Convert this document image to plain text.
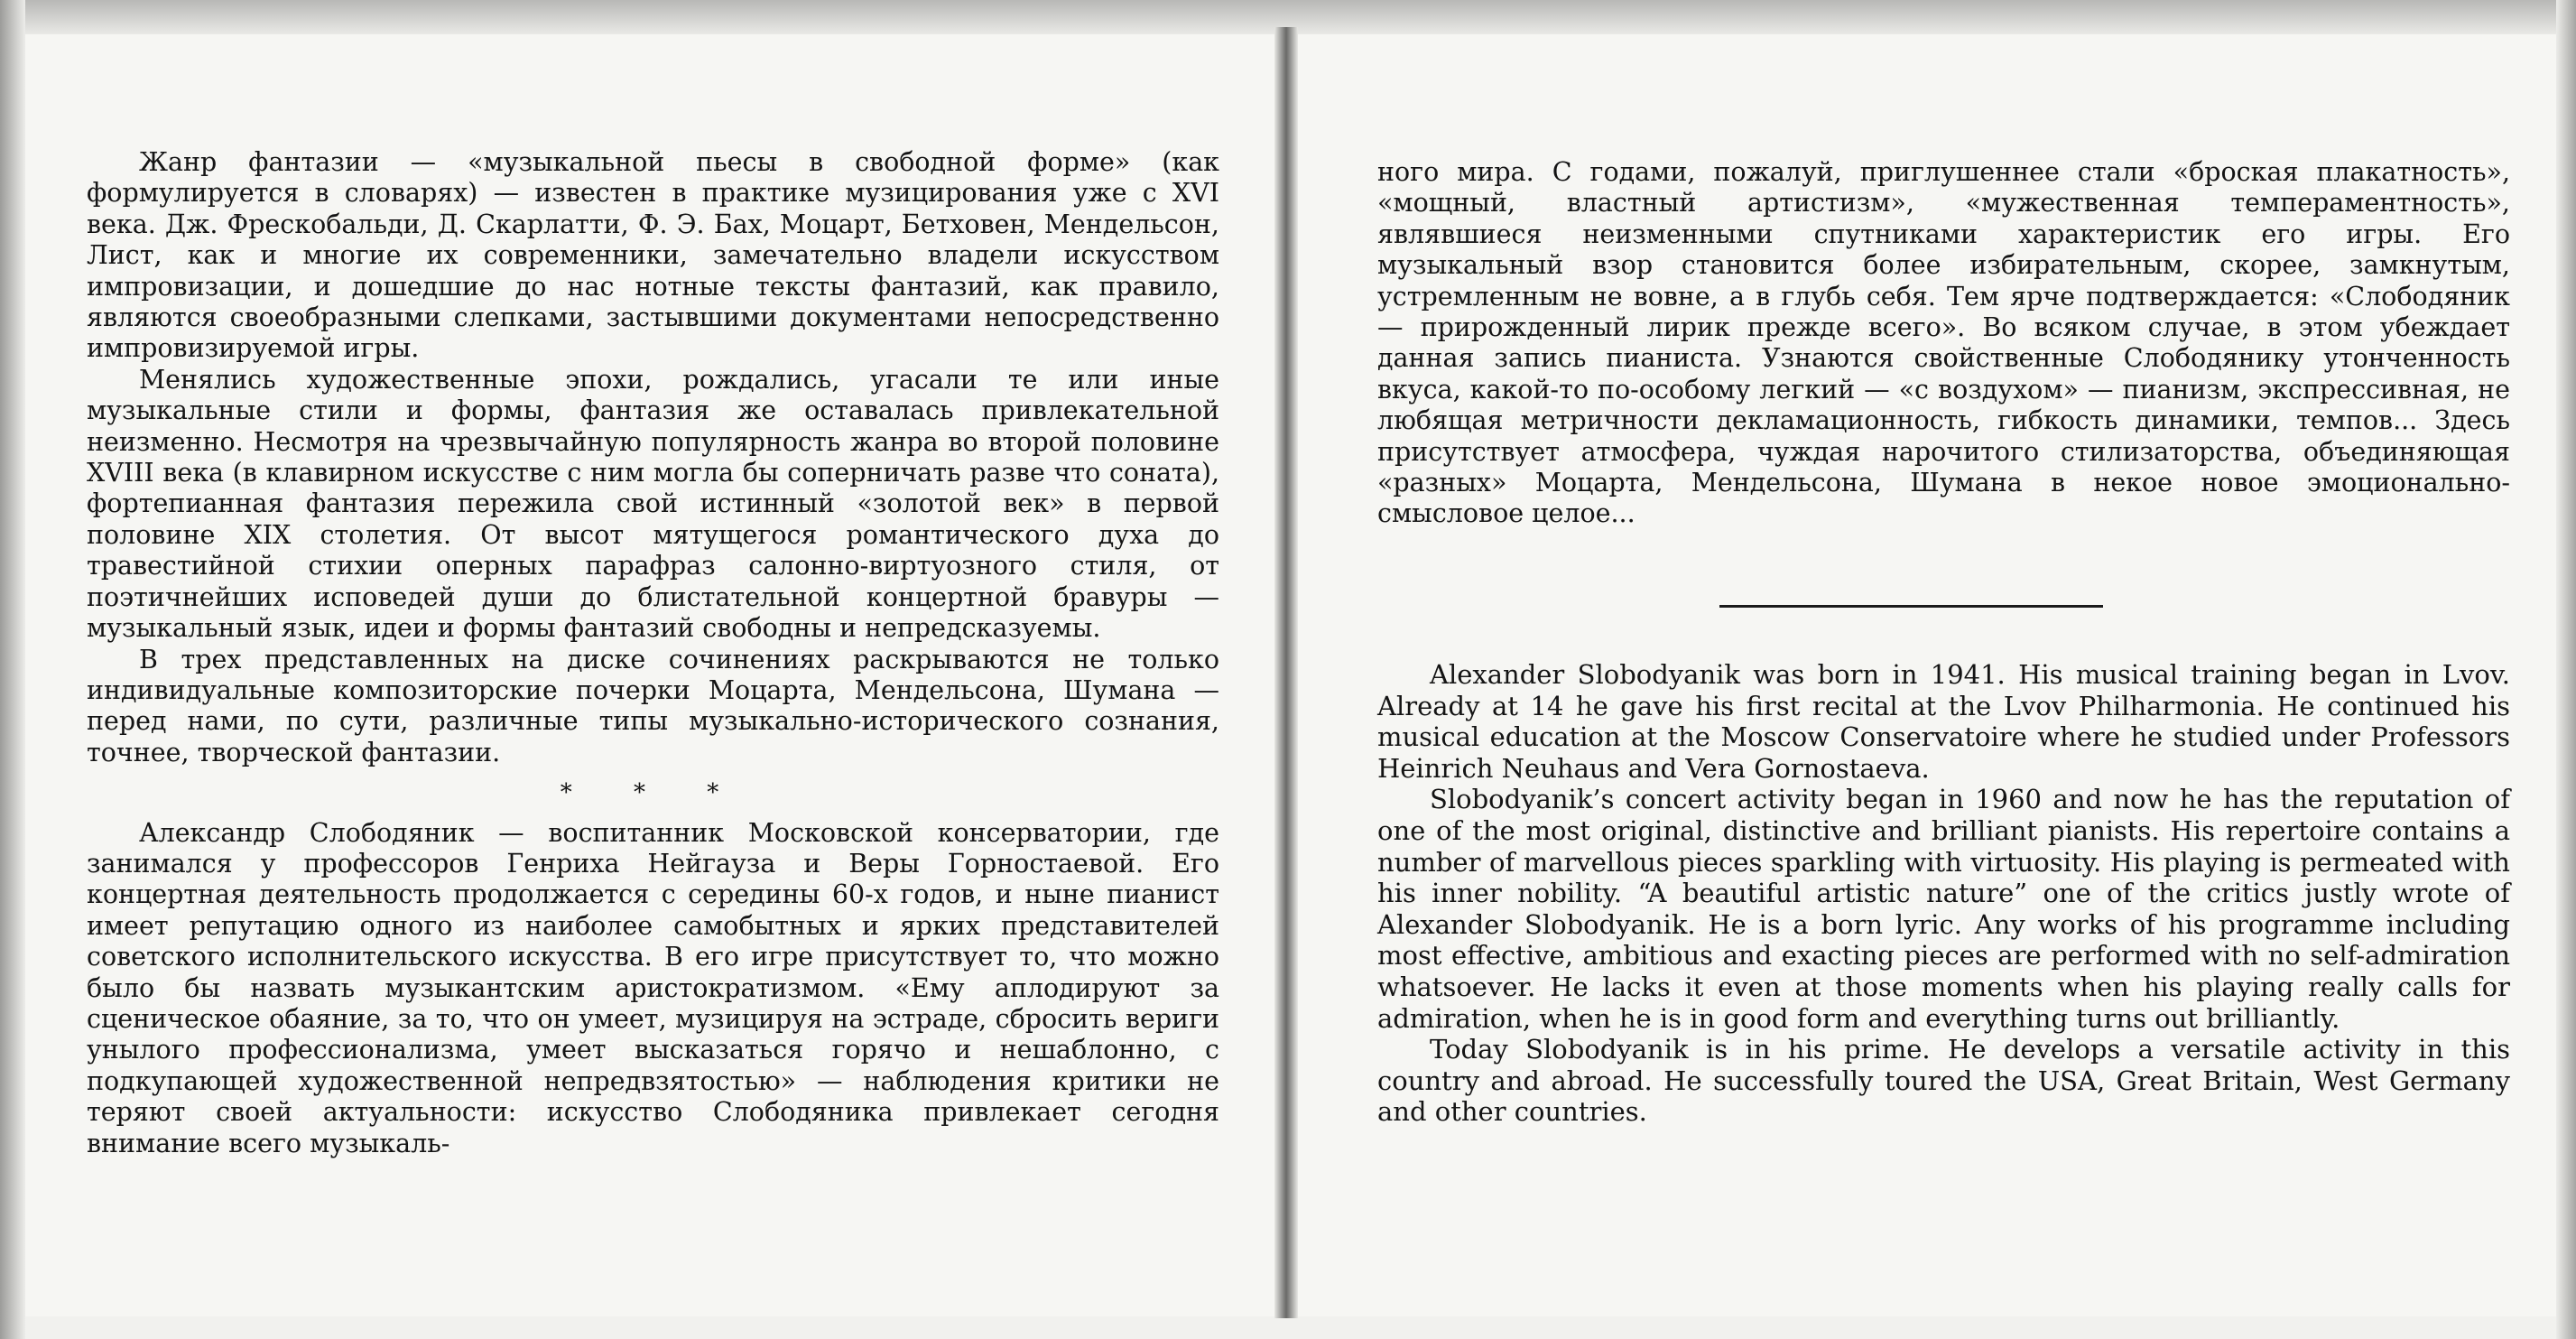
Жанр фантазии — «музыкальной пьесы в свободной форме» (как формулируется в словарях) — известен в практике музицирования уже с XVI века. Дж. Фрескобальди, Д. Скарлатти, Ф. Э. Бах, Моцарт, Бетховен, Мендельсон, Лист, как и многие их современники, замечательно владели искусством импровизации, и дошедшие до нас нотные тексты фантазий, как правило, являются своеобразными слепками, застывшими документами непосредственно импровизируемой игры.

Менялись художественные эпохи, рождались, угасали те или иные музыкальные стили и формы, фантазия же оставалась привлекательной неизменно. Несмотря на чрезвычайную популярность жанра во второй половине XVIII века (в клавирном искусстве с ним могла бы соперничать разве что соната), фортепианная фантазия пережила свой истинный «золотой век» в первой половине XIX столетия. От высот мятущегося романтического духа до травестийной стихии оперных парафраз салонно-виртуозного стиля, от поэтичнейших исповедей души до блистательной концертной бравуры — музыкальный язык, идеи и формы фантазий свободны и непредсказуемы.

В трех представленных на диске сочинениях раскрываются не только индивидуальные композиторские почерки Моцарта, Мендельсона, Шумана — перед нами, по сути, различные типы музыкально-исторического сознания, точнее, творческой фантазии.

* * *

Александр Слободяник — воспитанник Московской консерватории, где занимался у профессоров Генриха Нейгауза и Веры Горностаевой. Его концертная деятельность продолжается с середины 60-х годов, и ныне пианист имеет репутацию одного из наиболее самобытных и ярких представителей советского исполнительского искусства. В его игре присутствует то, что можно было бы назвать музыкантским аристократизмом. «Ему аплодируют за сценическое обаяние, за то, что он умеет, музицируя на эстраде, сбросить вериги унылого профессионализма, умеет высказаться горячо и нешаблонно, с подкупающей художественной непредвзятостью» — наблюдения критики не теряют своей актуальности: искусство Слободяника привлекает сегодня внимание всего музыкаль-

ного мира. С годами, пожалуй, приглушеннее стали «броская плакатность», «мощный, властный артистизм», «мужественная темпераментность», являвшиеся неизменными спутниками характеристик его игры. Его музыкальный взор становится более избирательным, скорее, замкнутым, устремленным не вовне, а в глубь себя. Тем ярче подтверждается: «Слободяник — прирожденный лирик прежде всего». Во всяком случае, в этом убеждает данная запись пианиста. Узнаются свойственные Слободянику утонченность вкуса, какой-то по-особому легкий — «с воздухом» — пианизм, экспрессивная, не любящая метричности декламационность, гибкость динамики, темпов... Здесь присутствует атмосфера, чуждая нарочитого стилизаторства, объединяющая «разных» Моцарта, Мендельсона, Шумана в некое новое эмоционально-смысловое целое...

Alexander Slobodyanik was born in 1941. His musical training began in Lvov. Already at 14 he gave his first recital at the Lvov Philharmonia. He continued his musical education at the Moscow Conservatoire where he studied under Professors Heinrich Neuhaus and Vera Gornostaeva.

Slobodyanik’s concert activity began in 1960 and now he has the reputation of one of the most original, distinctive and brilliant pianists. His repertoire contains a number of marvellous pieces sparkling with virtuosity. His playing is permeated with his inner nobility. “A beautiful artistic nature” one of the critics justly wrote of Alexander Slobodyanik. He is a born lyric. Any works of his programme including most effective, ambitious and exacting pieces are performed with no self-admiration whatsoever. He lacks it even at those moments when his playing really calls for admiration, when he is in good form and everything turns out brilliantly.

Today Slobodyanik is in his prime. He develops a versatile activity in this country and abroad. He successfully toured the USA, Great Britain, West Germany and other countries.
